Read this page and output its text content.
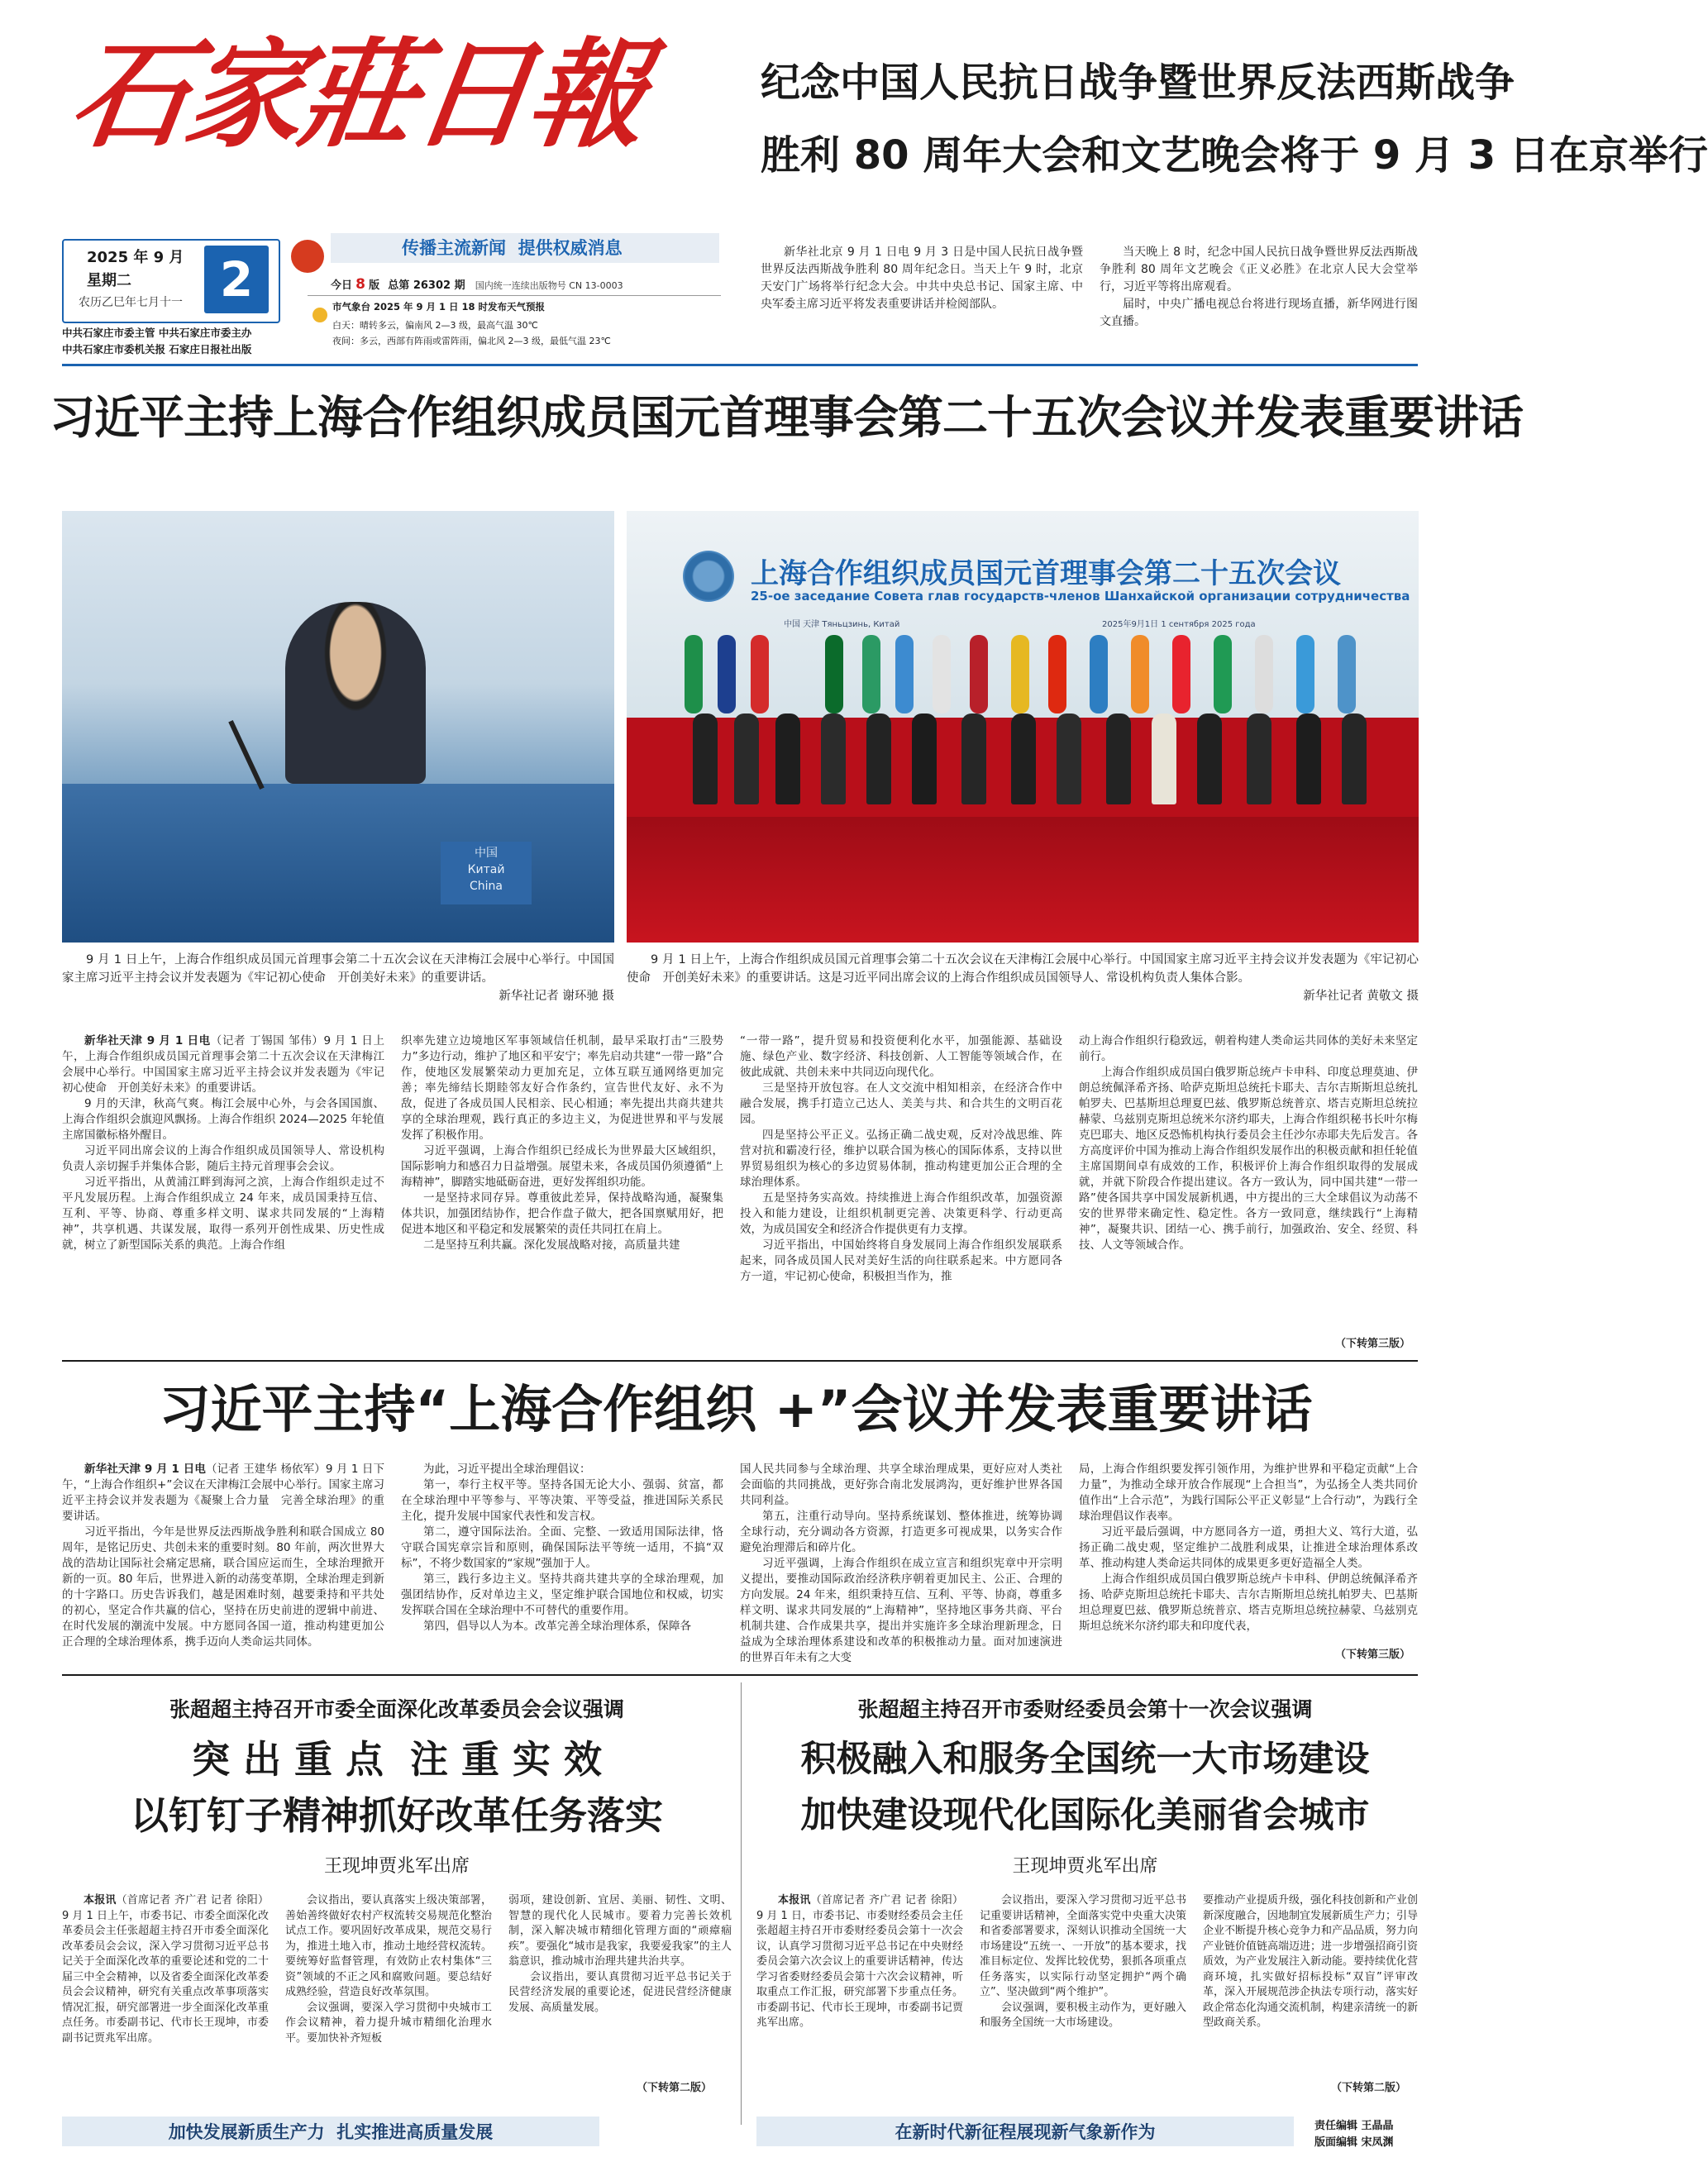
石家莊日報	纪念中国人民抗日战争暨世界反法西斯战争
胜利 80 周年大会和文艺晚会将于 9 月 3 日在京举行
2025 年 9 月
星期二
农历乙巳年七月十一 2
中共石家庄市委主管 中共石家庄市委主办
中共石家庄市委机关报 石家庄日报社出版
传播主流新闻  提供权威消息
今日 8 版 总第 26302 期 国内统一连续出版物号 CN 13-0003
市气象台 2025 年 9 月 1 日 18 时发布天气预报
白天：晴转多云，偏南风 2—3 级，最高气温 30℃
夜间：多云，西部有阵雨或雷阵雨，偏北风 2—3 级，最低气温 23℃

新华社北京 9 月 1 日电 9 月 3 日是中国人民抗日战争暨世界反法西斯战争胜利 80 周年纪念日。当天上午 9 时，北京天安门广场将举行纪念大会。中共中央总书记、国家主席、中央军委主席习近平将发表重要讲话并检阅部队。

当天晚上 8 时，纪念中国人民抗日战争暨世界反法西斯战争胜利 80 周年文艺晚会《正义必胜》在北京人民大会堂举行，习近平等将出席观看。

届时，中央广播电视总台将进行现场直播，新华网进行图文直播。

习近平主持上海合作组织成员国元首理事会第二十五次会议并发表重要讲话
中国
Китай
China
上海合作组织成员国元首理事会第二十五次会议
25-ое заседание Совета глав государств-членов Шанхайской организации сотрудничества
中国 天津 Тяньцзинь, Китай	2025年9月1日 1 сентября 2025 года
9 月 1 日上午，上海合作组织成员国元首理事会第二十五次会议在天津梅江会展中心举行。中国国家主席习近平主持会议并发表题为《牢记初心使命　开创美好未来》的重要讲话。
新华社记者 谢环驰 摄
9 月 1 日上午，上海合作组织成员国元首理事会第二十五次会议在天津梅江会展中心举行。中国国家主席习近平主持会议并发表题为《牢记初心使命　开创美好未来》的重要讲话。这是习近平同出席会议的上海合作组织成员国领导人、常设机构负责人集体合影。
新华社记者 黄敬文 摄

新华社天津 9 月 1 日电（记者 丁锡国 邹伟）9 月 1 日上午，上海合作组织成员国元首理事会第二十五次会议在天津梅江会展中心举行。中国国家主席习近平主持会议并发表题为《牢记初心使命　开创美好未来》的重要讲话。

9 月的天津，秋高气爽。梅江会展中心外，与会各国国旗、上海合作组织会旗迎风飘扬。上海合作组织 2024—2025 年轮值主席国徽标格外醒目。

习近平同出席会议的上海合作组织成员国领导人、常设机构负责人亲切握手并集体合影，随后主持元首理事会会议。

习近平指出，从黄浦江畔到海河之滨，上海合作组织走过不平凡发展历程。上海合作组织成立 24 年来，成员国秉持互信、互利、平等、协商、尊重多样文明、谋求共同发展的“上海精神”，共享机遇、共谋发展，取得一系列开创性成果、历史性成就，树立了新型国际关系的典范。上海合作组

织率先建立边境地区军事领域信任机制，最早采取打击“三股势力”多边行动，维护了地区和平安宁；率先启动共建“一带一路”合作，使地区发展繁荣动力更加充足，立体互联互通网络更加完善；率先缔结长期睦邻友好合作条约，宣告世代友好、永不为敌，促进了各成员国人民相亲、民心相通；率先提出共商共建共享的全球治理观，践行真正的多边主义，为促进世界和平与发展发挥了积极作用。

习近平强调，上海合作组织已经成长为世界最大区域组织，国际影响力和感召力日益增强。展望未来，各成员国仍须遵循“上海精神”，脚踏实地砥砺奋进，更好发挥组织功能。

一是坚持求同存异。尊重彼此差异，保持战略沟通，凝聚集体共识，加强团结协作，把合作盘子做大，把各国禀赋用好，把促进本地区和平稳定和发展繁荣的责任共同扛在肩上。

二是坚持互利共赢。深化发展战略对接，高质量共建

“一带一路”，提升贸易和投资便利化水平，加强能源、基础设施、绿色产业、数字经济、科技创新、人工智能等领域合作，在彼此成就、共创未来中共同迈向现代化。

三是坚持开放包容。在人文交流中相知相亲，在经济合作中融合发展，携手打造立己达人、美美与共、和合共生的文明百花园。

四是坚持公平正义。弘扬正确二战史观，反对冷战思维、阵营对抗和霸凌行径，维护以联合国为核心的国际体系，支持以世界贸易组织为核心的多边贸易体制，推动构建更加公正合理的全球治理体系。

五是坚持务实高效。持续推进上海合作组织改革，加强资源投入和能力建设，让组织机制更完善、决策更科学、行动更高效，为成员国安全和经济合作提供更有力支撑。

习近平指出，中国始终将自身发展同上海合作组织发展联系起来，同各成员国人民对美好生活的向往联系起来。中方愿同各方一道，牢记初心使命，积极担当作为，推

动上海合作组织行稳致远，朝着构建人类命运共同体的美好未来坚定前行。

上海合作组织成员国白俄罗斯总统卢卡申科、印度总理莫迪、伊朗总统佩泽希齐扬、哈萨克斯坦总统托卡耶夫、吉尔吉斯斯坦总统扎帕罗夫、巴基斯坦总理夏巴兹、俄罗斯总统普京、塔吉克斯坦总统拉赫蒙、乌兹别克斯坦总统米尔济约耶夫，上海合作组织秘书长叶尔梅克巴耶夫、地区反恐怖机构执行委员会主任沙尔赤耶夫先后发言。各方高度评价中国为推动上海合作组织发展作出的积极贡献和担任轮值主席国期间卓有成效的工作，积极评价上海合作组织取得的发展成就，并就下阶段合作提出建议。各方一致认为，同中国共建“一带一路”使各国共享中国发展新机遇，中方提出的三大全球倡议为动荡不安的世界带来确定性、稳定性。各方一致同意，继续践行“上海精神”，凝聚共识、团结一心、携手前行，加强政治、安全、经贸、科技、人文等领域合作。

（下转第三版）
习近平主持“上海合作组织 +”会议并发表重要讲话

新华社天津 9 月 1 日电（记者 王建华 杨依军）9 月 1 日下午，“上海合作组织+”会议在天津梅江会展中心举行。国家主席习近平主持会议并发表题为《凝聚上合力量　完善全球治理》的重要讲话。

习近平指出，今年是世界反法西斯战争胜利和联合国成立 80 周年，是铭记历史、共创未来的重要时刻。80 年前，两次世界大战的浩劫让国际社会痛定思痛，联合国应运而生，全球治理掀开新的一页。80 年后，世界进入新的动荡变革期，全球治理走到新的十字路口。历史告诉我们，越是困难时刻，越要秉持和平共处的初心，坚定合作共赢的信心，坚持在历史前进的逻辑中前进、在时代发展的潮流中发展。中方愿同各国一道，推动构建更加公正合理的全球治理体系，携手迈向人类命运共同体。

为此，习近平提出全球治理倡议：

第一，奉行主权平等。坚持各国无论大小、强弱、贫富，都在全球治理中平等参与、平等决策、平等受益，推进国际关系民主化，提升发展中国家代表性和发言权。

第二，遵守国际法治。全面、完整、一致适用国际法律，恪守联合国宪章宗旨和原则，确保国际法平等统一适用，不搞“双标”，不将少数国家的“家规”强加于人。

第三，践行多边主义。坚持共商共建共享的全球治理观，加强团结协作，反对单边主义，坚定维护联合国地位和权威，切实发挥联合国在全球治理中不可替代的重要作用。

第四，倡导以人为本。改革完善全球治理体系，保障各

国人民共同参与全球治理、共享全球治理成果，更好应对人类社会面临的共同挑战，更好弥合南北发展鸿沟，更好维护世界各国共同利益。

第五，注重行动导向。坚持系统谋划、整体推进，统筹协调全球行动，充分调动各方资源，打造更多可视成果，以务实合作避免治理滞后和碎片化。

习近平强调，上海合作组织在成立宣言和组织宪章中开宗明义提出，要推动国际政治经济秩序朝着更加民主、公正、合理的方向发展。24 年来，组织秉持互信、互利、平等、协商，尊重多样文明、谋求共同发展的“上海精神”，坚持地区事务共商、平台机制共建、合作成果共享，提出并实施许多全球治理新理念，日益成为全球治理体系建设和改革的积极推动力量。面对加速演进的世界百年未有之大变

局，上海合作组织要发挥引领作用，为维护世界和平稳定贡献“上合力量”，为推动全球开放合作展现“上合担当”，为弘扬全人类共同价值作出“上合示范”，为践行国际公平正义彰显“上合行动”，为践行全球治理倡议作表率。

习近平最后强调，中方愿同各方一道，勇担大义、笃行大道，弘扬正确二战史观，坚定维护二战胜利成果，让推进全球治理体系改革、推动构建人类命运共同体的成果更多更好造福全人类。

上海合作组织成员国白俄罗斯总统卢卡申科、伊朗总统佩泽希齐扬、哈萨克斯坦总统托卡耶夫、吉尔吉斯斯坦总统扎帕罗夫、巴基斯坦总理夏巴兹、俄罗斯总统普京、塔吉克斯坦总统拉赫蒙、乌兹别克斯坦总统米尔济约耶夫和印度代表，

（下转第三版）
张超超主持召开市委全面深化改革委员会会议强调
突 出 重 点  注 重 实 效
以钉钉子精神抓好改革任务落实
王现坤贾兆军出席

本报讯（首席记者 齐广君 记者 徐阳）9 月 1 日上午，市委书记、市委全面深化改革委员会主任张超超主持召开市委全面深化改革委员会会议，深入学习贯彻习近平总书记关于全面深化改革的重要论述和党的二十届三中全会精神，以及省委全面深化改革委员会会议精神，研究有关重点改革事项落实情况汇报，研究部署进一步全面深化改革重点任务。市委副书记、代市长王现坤，市委副书记贾兆军出席。

会议指出，要认真落实上级决策部署，善始善终做好农村产权流转交易规范化整治试点工作。要巩固好改革成果，规范交易行为，推进土地入市，推动土地经营权流转。要统筹好监督管理，有效防止农村集体“三资”领域的不正之风和腐败问题。要总结好成熟经验，营造良好改革氛围。

会议强调，要深入学习贯彻中央城市工作会议精神，着力提升城市精细化治理水平。要加快补齐短板

弱项，建设创新、宜居、美丽、韧性、文明、智慧的现代化人民城市。要着力完善长效机制，深入解决城市精细化管理方面的“顽瘴痼疾”。要强化“城市是我家，我要爱我家”的主人翁意识，推动城市治理共建共治共享。

会议指出，要认真贯彻习近平总书记关于民营经济发展的重要论述，促进民营经济健康发展、高质量发展。

（下转第二版）
张超超主持召开市委财经委员会第十一次会议强调
积极融入和服务全国统一大市场建设
加快建设现代化国际化美丽省会城市
王现坤贾兆军出席

本报讯（首席记者 齐广君 记者 徐阳）9 月 1 日，市委书记、市委财经委员会主任张超超主持召开市委财经委员会第十一次会议，认真学习贯彻习近平总书记在中央财经委员会第六次会议上的重要讲话精神，传达学习省委财经委员会第十六次会议精神，听取重点工作汇报，研究部署下步重点任务。市委副书记、代市长王现坤，市委副书记贾兆军出席。

会议指出，要深入学习贯彻习近平总书记重要讲话精神，全面落实党中央重大决策和省委部署要求，深刻认识推动全国统一大市场建设“五统一、一开放”的基本要求，找准目标定位、发挥比较优势，狠抓各项重点任务落实，以实际行动坚定拥护“两个确立”、坚决做到“两个维护”。

会议强调，要积极主动作为，更好融入和服务全国统一大市场建设。

要推动产业提质升级，强化科技创新和产业创新深度融合，因地制宜发展新质生产力；引导企业不断提升核心竞争力和产品品质，努力向产业链价值链高端迈进；进一步增强招商引资质效，为产业发展注入新动能。要持续优化营商环境，扎实做好招标投标“双盲”评审改革，深入开展规范涉企执法专项行动，落实好政企常态化沟通交流机制，构建亲清统一的新型政商关系。

（下转第二版）
加快发展新质生产力  扎实推进高质量发展	在新时代新征程展现新气象新作为	责任编辑 王晶晶
版面编辑 宋凤渊
